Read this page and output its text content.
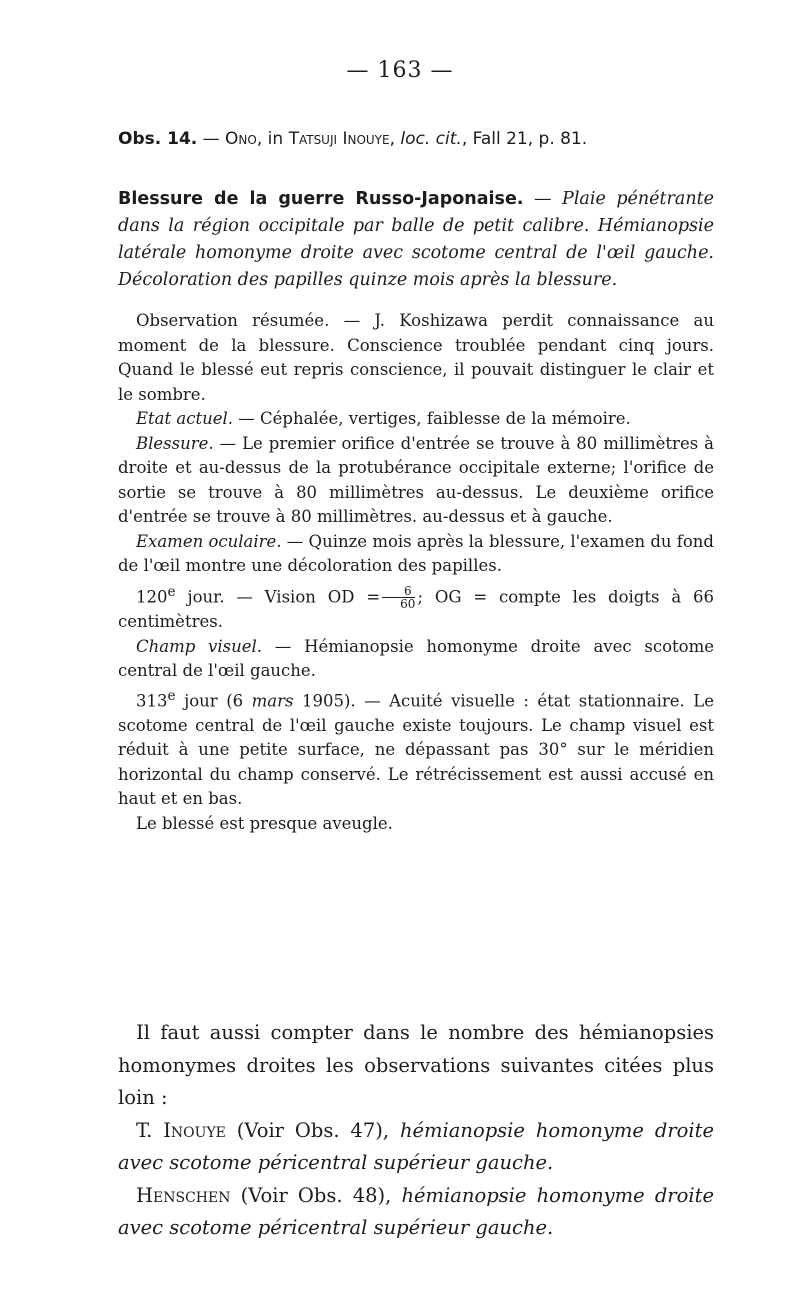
— 163 —
Obs. 14. — Ono, in Tatsuji Inouye, loc. cit., Fall 21, p. 81.
Blessure de la guerre Russo-Japonaise. — Plaie pénétrante dans la région occipitale par balle de petit calibre. Hémianopsie latérale homonyme droite avec scotome central de l'œil gauche. Décoloration des papilles quinze mois après la blessure.

Observation résumée. — J. Koshizawa perdit connaissance au moment de la blessure. Conscience troublée pendant cinq jours. Quand le blessé eut repris conscience, il pouvait distinguer le clair et le sombre.

Etat actuel. — Céphalée, vertiges, faiblesse de la mémoire.

Blessure. — Le premier orifice d'entrée se trouve à 80 millimètres à droite et au-dessus de la protubérance occipitale externe; l'orifice de sortie se trouve à 80 millimètres au-dessus. Le deuxième orifice d'entrée se trouve à 80 millimètres. au-dessus et à gauche.

Examen oculaire. — Quinze mois après la blessure, l'examen du fond de l'œil montre une décoloration des papilles.

120e jour. — Vision OD = $\frac{6}{60}$ ; OG = compte les doigts à 66 centimètres.

Champ visuel. — Hémianopsie homonyme droite avec scotome central de l'œil gauche.

313e jour (6 mars 1905). — Acuité visuelle : état stationnaire. Le scotome central de l'œil gauche existe toujours. Le champ visuel est réduit à une petite surface, ne dépassant pas 30° sur le méridien horizontal du champ conservé. Le rétrécissement est aussi accusé en haut et en bas.

Le blessé est presque aveugle.

Il faut aussi compter dans le nombre des hémianopsies homonymes droites les observations suivantes citées plus loin :

T. Inouye (Voir Obs. 47), hémianopsie homonyme droite avec scotome péricentral supérieur gauche.

Henschen (Voir Obs. 48), hémianopsie homonyme droite avec scotome péricentral supérieur gauche.
